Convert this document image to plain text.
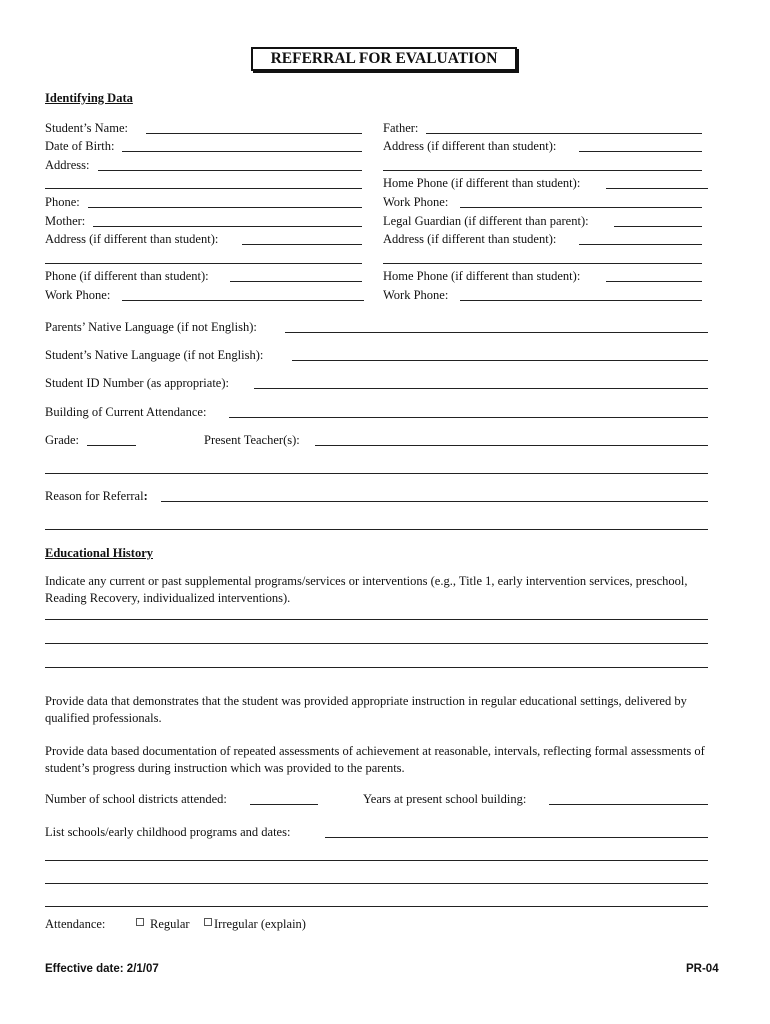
REFERRAL FOR EVALUATION
Identifying Data
Student’s Name:
Date of Birth:
Address:
Phone:
Mother:
Address (if different than student):
Phone (if different than student):
Work Phone:
Father:
Address (if different than student):
Home Phone (if different than student):
Work Phone:
Legal Guardian (if different than parent):
Address (if different than student):
Home Phone (if different than student):
Work Phone:
Parents’ Native Language (if not English):
Student’s Native Language (if not English):
Student ID Number (as appropriate):
Building of Current Attendance:
Grade:	Present Teacher(s):
Reason for Referral:
Educational History
Indicate any current or past supplemental programs/services or interventions (e.g., Title 1, early intervention services, preschool, Reading Recovery, individualized interventions).
Provide data that demonstrates that the student was provided appropriate instruction in regular educational settings, delivered by qualified professionals.
Provide data based documentation of repeated assessments of achievement at reasonable, intervals, reflecting formal assessments of student’s progress during instruction which was provided to the parents.
Number of school districts attended:	Years at present school building:
List schools/early childhood programs and dates:
Attendance:	Regular	Irregular (explain)
Effective date: 2/1/07	PR-04
